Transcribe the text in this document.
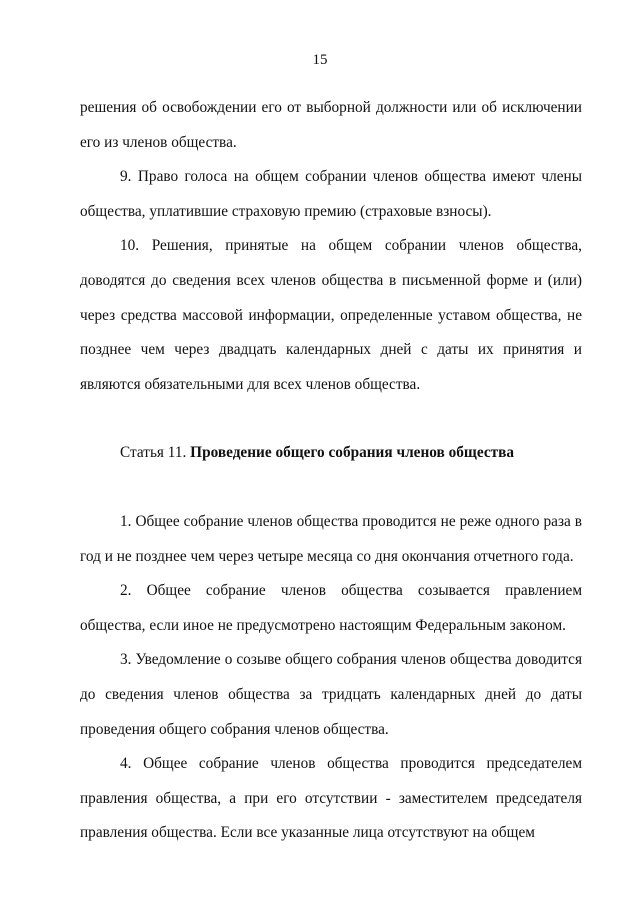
15

решения об освобождении его от выборной должности или об исключении его из членов общества.

9. Право голоса на общем собрании членов общества имеют члены общества, уплатившие страховую премию (страховые взносы).

10. Решения, принятые на общем собрании членов общества, доводятся до сведения всех членов общества в письменной форме и (или) через средства массовой информации, определенные уставом общества, не позднее чем через двадцать календарных дней с даты их принятия и являются обязательными для всех членов общества.

Статья 11. Проведение общего собрания членов общества

1. Общее собрание членов общества проводится не реже одного раза в год и не позднее чем через четыре месяца со дня окончания отчетного года.

2. Общее собрание членов общества созывается правлением общества, если иное не предусмотрено настоящим Федеральным законом.

3. Уведомление о созыве общего собрания членов общества доводится до сведения членов общества за тридцать календарных дней до даты проведения общего собрания членов общества.

4. Общее собрание членов общества проводится председателем правления общества, а при его отсутствии - заместителем председателя правления общества. Если все указанные лица отсутствуют на общем
